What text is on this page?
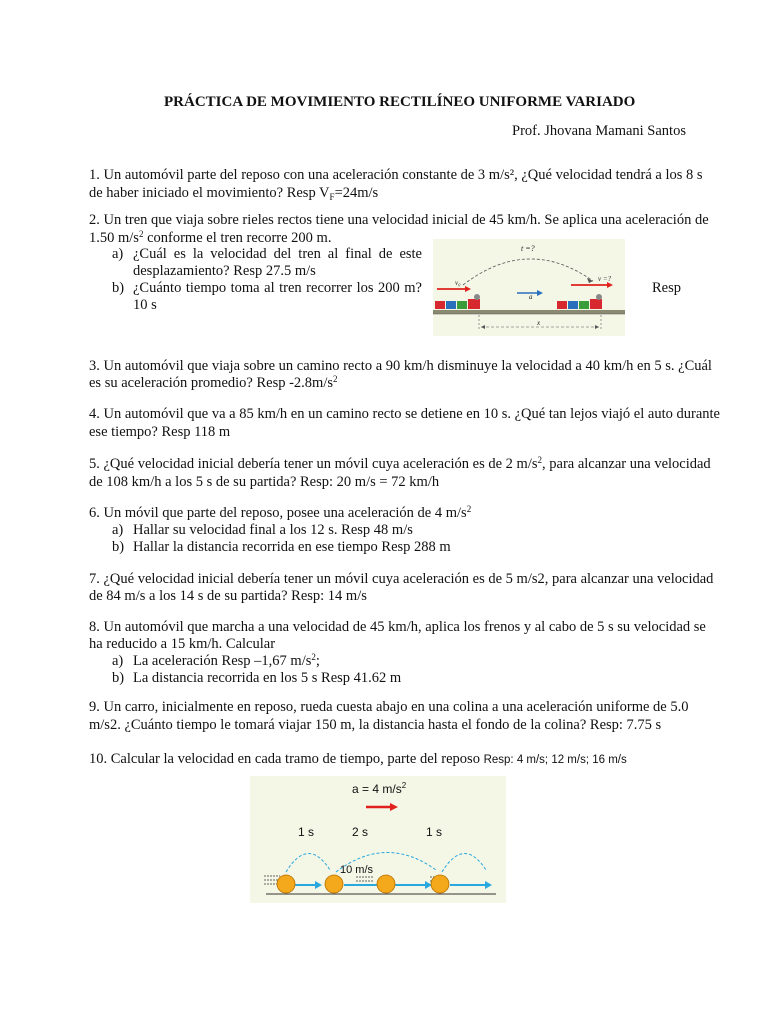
PRÁCTICA DE MOVIMIENTO RECTILÍNEO UNIFORME VARIADO
Prof. Jhovana Mamani Santos
1. Un automóvil parte del reposo con una aceleración constante de 3 m/s², ¿Qué velocidad tendrá a los 8 s
de haber iniciado el movimiento? Resp $V_F=24m/s$
2. Un tren que viaja sobre rieles rectos tiene una velocidad inicial de 45 km/h. Se aplica una aceleración de
1.50 $m/s^2$ conforme el tren recorre 200 m.
a) ¿Cuál es la velocidad del tren al final de este
desplazamiento? Resp 27.5 m/s
b) ¿Cuánto tiempo toma al tren recorrer los 200 m?
10 s
Resp
t =?
v₀
a
v =?
x
3. Un automóvil que viaja sobre un camino recto a 90 km/h disminuye la velocidad a 40 km/h en 5 s. ¿Cuál
es su aceleración promedio? Resp $-2.8m/s^2$
4. Un automóvil que va a 85 km/h en un camino recto se detiene en 10 s. ¿Qué tan lejos viajó el auto durante
ese tiempo? Resp 118 m
5. ¿Qué velocidad inicial debería tener un móvil cuya aceleración es de 2 $m/s^2$, para alcanzar una velocidad
de 108 km/h a los 5 s de su partida? Resp: 20 m/s = 72 km/h
6. Un móvil que parte del reposo, posee una aceleración de 4 $m/s^2$
a) Hallar su velocidad final a los 12 s. Resp 48 m/s
b) Hallar la distancia recorrida en ese tiempo Resp 288 m
7. ¿Qué velocidad inicial debería tener un móvil cuya aceleración es de 5 m/s2, para alcanzar una velocidad
de 84 m/s a los 14 s de su partida? Resp: 14 m/s
8. Un automóvil que marcha a una velocidad de 45 km/h, aplica los frenos y al cabo de 5 s su velocidad se
ha reducido a 15 km/h. Calcular
a) La aceleración Resp –1,67 $m/s^2$;
b) La distancia recorrida en los 5 s Resp 41.62 m
9. Un carro, inicialmente en reposo, rueda cuesta abajo en una colina a una aceleración uniforme de 5.0
m/s2. ¿Cuánto tiempo le tomará viajar 150 m, la distancia hasta el fondo de la colina? Resp: 7.75 s
10. Calcular la velocidad en cada tramo de tiempo, parte del reposo Resp: 4 m/s; 12 m/s; 16 m/s
a = 4 $m/s^2$
1 s	2 s	1 s
10 m/s
